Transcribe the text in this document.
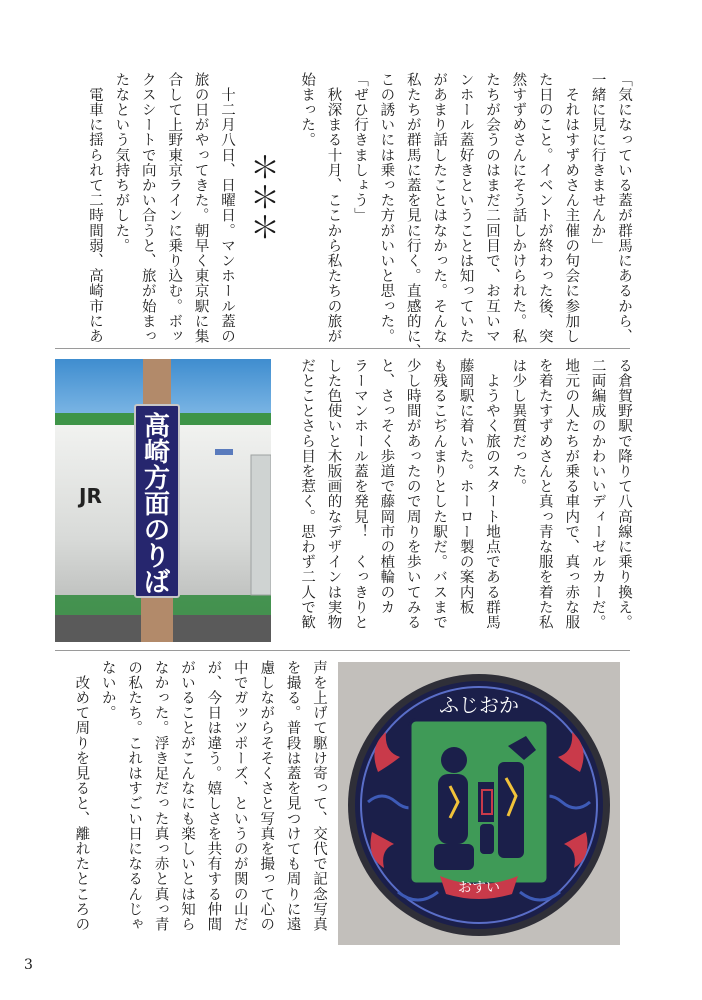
「気になっている蓋が群馬にあるから、
一緒に見に行きませんか」
　それはすずめさん主催の句会に参加し
た日のこと。イベントが終わった後、突
然すずめさんにそう話しかけられた。私
たちが会うのはまだ二回目で、お互いマ
ンホール蓋好きということは知っていた
があまり話したことはなかった。そんな
私たちが群馬に蓋を見に行く。直感的に、
この誘いには乗った方がいいと思った。
「ぜひ行きましょう」
　秋深まる十月、ここから私たちの旅が
始まった。
＊＊＊
　十二月八日、日曜日。マンホール蓋の
旅の日がやってきた。朝早く東京駅に集
合して上野東京ラインに乗り込む。ボッ
クスシートで向かい合うと、旅が始まっ
たなという気持ちがした。
　電車に揺られて二時間弱、高崎市にあ
JR
高
崎
方
面
の
り
ば	る倉賀野駅で降りて八高線に乗り換え。
二両編成のかわいいディーゼルカーだ。
地元の人たちが乗る車内で、真っ赤な服
を着たすずめさんと真っ青な服を着た私
は少し異質だった。
　ようやく旅のスタート地点である群馬
藤岡駅に着いた。ホーロー製の案内板
も残るこぢんまりとした駅だ。バスまで
少し時間があったので周りを歩いてみる
と、さっそく歩道で藤岡市の植輪のカ
ラーマンホール蓋を発見！　くっきりと
した色使いと木版画的なデザインは実物
だとことさら目を惹く。思わず二人で歓
ふじおか
おすい
声を上げて駆け寄って、交代で記念写真
を撮る。普段は蓋を見つけても周りに遠
慮しながらそそくさと写真を撮って心の
中でガッツポーズ、というのが関の山だ
が、今日は違う。嬉しさを共有する仲間
がいることがこんなにも楽しいとは知ら
なかった。浮き足だった真っ赤と真っ青
の私たち。これはすごい日になるんじゃ
ないか。
　改めて周りを見ると、離れたところの
3
